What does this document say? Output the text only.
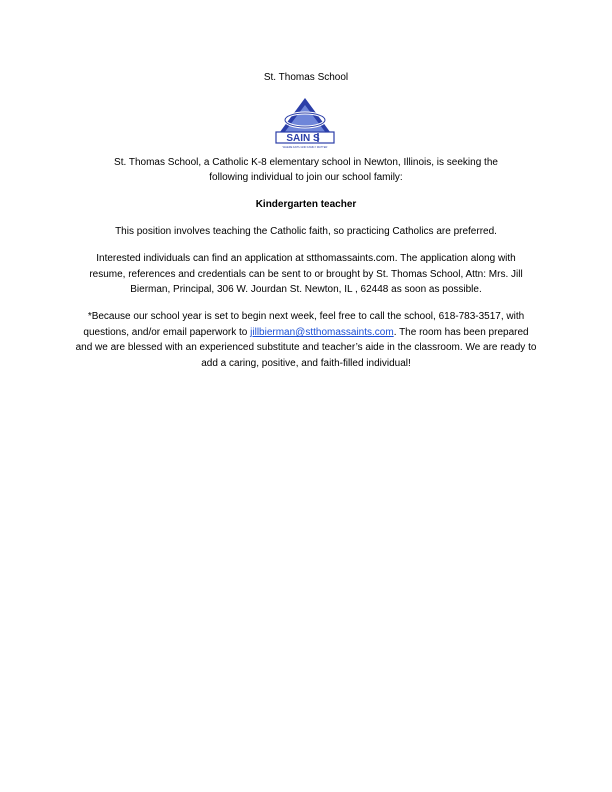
St. Thomas School
SAIN S
WHERE FAITH AND FAMILY MATTER
St. Thomas School, a Catholic K-8 elementary school in Newton, Illinois, is seeking the
following individual to join our school family:
Kindergarten teacher
This position involves teaching the Catholic faith, so practicing Catholics are preferred.
Interested individuals can find an application at stthomassaints.com. The application along with
resume, references and credentials can be sent to or brought by St. Thomas School, Attn: Mrs. Jill
Bierman, Principal, 306 W. Jourdan St. Newton, IL , 62448 as soon as possible.
*Because our school year is set to begin next week, feel free to call the school, 618-783-3517, with
questions, and/or email paperwork to jillbierman@stthomassaints.com. The room has been prepared
and we are blessed with an experienced substitute and teacher’s aide in the classroom. We are ready to
add a caring, positive, and faith-filled individual!
